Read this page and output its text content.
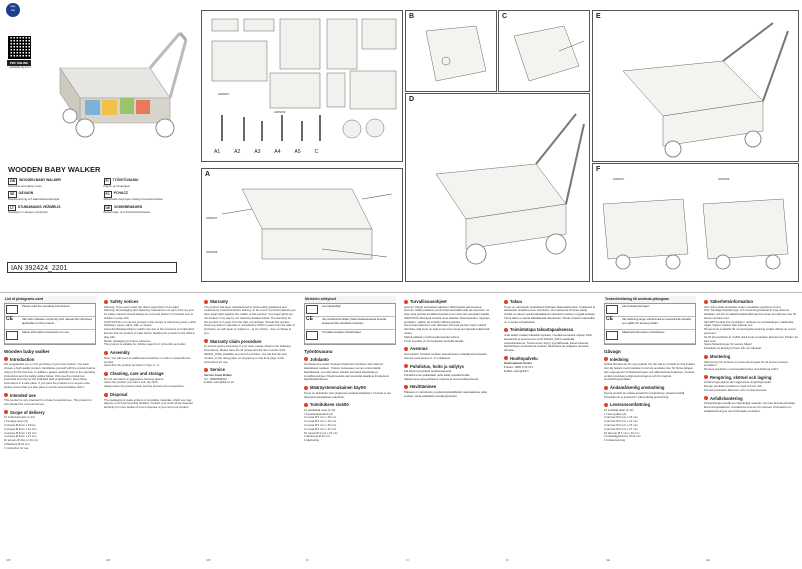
play
tive
PDF ONLINE
parkside-diy.com
WOODEN BABY WALKER
GB	WOODEN BABY WALKER
Operation and safety notes
FI	TYÖNTÖVAUNU
Käyttö- ja turvaohjeet
SE	GÅVAGN
Bruksanvisning och säkerhetsanvisningar
PL	PCHACZ
Wskazówki dotyczące obsługi i bezpieczeństwa
LT	STUMIAMASIS VEŽIMĖLIS
Naudojimo ir saugos nurodymai
DE	SCHIEBEWAGEN
Bedienungs- und Sicherheitshinweise
IAN 392424_2201
H005467
H005469
A1	A2	A3	A4	A5	C
A
H005467
H005469
B	C
D
E
F
H005467	H005469
List of pictograms used
Please read the operating instructions!
CE	CE mark indicates conformity with relevant EU directives applicable for this product.
Safety information Instructions for use
Wooden baby walker
Introduction
We congratulate you on the purchase of your new product. You have chosen a high quality product. Familiarise yourself with the product before using it for the first time. In addition, please carefully refer to the operating instructions and the safety advice below. Only use the product as instructed and only for the indicated field of application. Keep these instructions in a safe place. If you pass the product on to anyone else, please ensure that you also pass on all the documentation with it.
Intended use
This product is only intended for private household use. This product is not intended for commercial use.
Scope of delivery
12 individual parts (1-12)
7 hexagon keys (A)
3 screws Ø 6mm x 15mm
4 screws Ø 6mm x 12 mm
4 screws Ø 6mm x 15 mm
4 screws Ø 6mm x 27 mm
10 screws Ø 4mm x 24 mm
4 Washers Ø 22 mm
1 Instruction for use
GB
Safety notices
Warning: To be used under the direct supervision of an adult.
Warning: All packaging and fastening material are not part of the toy and for safety reasons should always be removed before it is handed over to children to play with.
CAUTION! Do not use the product in the vicinity of swimming pools, public highways, steps, stairs, hills, or slopes.
Assembly/Disassembly by adults only due to the presence of small parts!
Ensure that the product is intact before handing the product to the child to play with.
Retain packaging for future reference.
The product is suitable for children aged from 12months and older.
Assembly
Note: You will need an additional screwdriver in order to assemble the product.
Assemble the product as shown in figs. A - F.
Cleaning, care and storage
Do not use harsh or aggressive cleaning agents.
Clean the product only with a soft, dry cloth.
Always store the product clean and dry and at room temperature.
Disposal
The packaging is made entirely of recyclable materials, which you may dispose of at local recycling facilities. Contact your local refuse disposal authority for more details of how to dispose of your worn-out product.
GB
Warranty
The product has been manufactured to strict quality guidelines and meticulously examined before delivery. In the event of product defects you have legal rights against the retailer of this product. Your legal rights are not limited in any way by our warranty detailed below. The warranty for this product is 3 years from the date of purchase. Should this product show any fault in materials or manufacture within 3 years from the date of purchase, we will repair or replace it – at our choice – free of charge to you.
Warranty claim procedure
To ensure quick processing of your case, please observe the following instructions: Please have the till receipt and the item number (IAN 392424_2201) available as proof of purchase. You will find the item number on the rating plate, an engraving on the front page of the instructions for use.
Service
Service Great Britain
Tel.: 08000569216
E-Mail: owim@lidl.co.uk
GB
Merkkien selitykset
Lue käyttöohje!
CE	CE-merkintä ilmoittaa yhdenmukaisuudesta tuotetta koskevien EU-direktiivien kanssa.
Turvallisuusohjeet Käyttöohjeet
Työntövaunu
Johdanto
Onnittelemme uuden tuotteen hankinnan johdosta. Olet valinnut laadukkaan tuotteen. Tutustu tuotteeseen ennen ensimmäistä käyttökertaa. Lue sitä varten tarkasti seuraava käyttöohje ja turvallisuusohjeet. Käytä tuotetta vain kuvatulla tavalla ja ilmoitettuun käyttötarkoitukseen.
Määräystenmukainen käyttö
Tuote on tarkoitettu vain yksityiseen kotitalouskäyttöön. Tuotetta ei ole tarkoitettu kaupalliseen käyttöön.
Toimituksen sisältö
12 yksittäistä osaa (1-12)
7 kuusiokoloavainta (A)
3 ruuvia Ø 6 mm x 15 mm
4 ruuvia Ø 6 mm x 12 mm
4 ruuvia Ø 6 mm x 15 mm
4 ruuvia Ø 6 mm x 27 mm
10 ruuvia Ø 4 mm x 24 mm
4 aluslevyä Ø 22 mm
1 käyttöohje
FI
Turvallisuusohjeet
Huomio: Käyttö ainoastaan aikuisen välittömässä valvonnassa.
Huomio: Kaikki pakkaus- ja kiinnitysmateriaalit eivät ole osa lelua, ne tulee aina poistaa turvallisuussyistä ennen kuin lelu annetaan lapsille.
VAROITUS! Älä käytä tuotetta uima-altaiden, liikenneteiden, rappujen, portaiden, mäkien tai rinteiden läheisyydessä.
Asennus/purkaminen vain aikuisten toimesta pienten osien vuoksi!
Varmista, että tuote on ehjä ennen kuin annat sen lapselle leikkimistä varten.
Säilytä pakkaus myöhempää tarvetta varten!
Tuote soveltuu yli 12 kuukautta vanhoille lapsille.
Asennus
Huomautus: Tarvitset tuotteen asentamiseen ristipääruuvimeisselin.
Asenna tuote kuvien A - F mukaisesti.
Puhdistus, hoito ja säilytys
Älä käytä syövyttäviä puhdistusaineita.
Puhdista tuote pelkästään pehmeällä, kuivalla liinalla.
Säilytä tuote aina puhtaana, kuivana ja huoneenlämpöisenä.
Hävittäminen
Pakkaus on valmistettu ympäristöystävällisistä materiaaleista, jotka voidaan viedä paikallisiin kierrätyspisteisiin.
FI
Takuu
Tuote on valmistettu huolellisesti tiukkojen laatuvaatimusten mukaisesti ja tarkastettu huolella ennen toimitusta. Jos tuotteessa ilmenee vikoja, sinulla on oikeus vedota lakisääteisiin oikeuksiin tuotteen myyjää kohtaan. Tämä takuu ei rajoita lakisääteisiä oikeuksiasi. Tämän tuotteen takuuaika on 3 vuotta ostopäivästä.
Toimintatapa takuutapauksessa
Jotta asiasi voidaan käsitellä nopeasti, noudata seuraavia ohjeita: Pidä kassakuitti ja tuotenumero (IAN 392424_2201) saatavilla ostotodistuksena. Tuotenumero löytyy tyyppikilvestä, kaiverruksesta, käyttöohjeen etusivulta tai tuotteen takaosasta tai pohjassa olevasta tarrasta.
Huoltopalvelu
Huoltopalvelu Suomi
Puhelin: 0800 9 15 374
E-Mail: owim@lidl.fi
FI
Teckenförklaring till använda piktogram
Läs bruksanvisningen!
CE	CE-märkning anger efterlevnad av relevanta EU-direktiv som gäller för denna produkt.
Säkerhetsinformation Instruktioner
Gåvagn
Inledning
Grattis till köpet av din nya produkt. Du har valt en produkt av hög kvalitet. Gör dig bekant med produkten innan du använder den för första gången. Läs noga igenom bruksanvisningen och säkerhetsinformationen. Använd endast produkten enligt anvisningarna och för angivna användningsområden.
Ändamålsenlig användning
Denna produkt är endast avsedd för användning i privata hushåll. Produkten är ej avsedd för yrkesmässig användning.
Leveransomfattning
12 enskilda delar (1-12)
7 insexnycklar (A)
3 skruvar Ø 6 mm x 15 mm
4 skruvar Ø 6 mm x 12 mm
4 skruvar Ø 6 mm x 15 mm
4 skruvar Ø 6 mm x 27 mm
10 skruvar Ø 4 mm x 24 mm
4 underläggsbrickor Ø 22 mm
1 bruksanvisning
SE
Säkerhetsinformation
Obs: Får endast användas under omedelbar uppsikt av vuxna.
Obs: Samtliga förpacknings- och monteringsmaterial är inga delar av leksaken och bör av säkerhetsskäl alltid tas bort innan den lämnas över till barnen att leka med.
SE UPP! Använd inte produkten i närheten av simbassänger, trafikerade vägar, trappor, backar eller lutande ytor.
På grund av smådelar får montering/demontering endast utföras av vuxna personer!
Se till att produkten är i felfritt skick innan produkten lämnas över till barn att leka med.
Spara förpackningen för senare frågor!
Produkten är lämplig för barn från 12 månader.
Montering
Hänvisning: Du behöver en extra skruvmejsel för att kunna montera produkten.
Montera produkten i överensstämmelse med bilderna A till F.
Rengöring, skötsel och lagring
Använd inga skarpa eller aggressiva rengöringsmedel.
Rengör produkten endast en mjuk och torr duk.
Förvara produkten alltid torrt och i rumstemperatur.
Avfallshantering
Förpackningen består av miljövänliga material, som kan lämnas på lokala återvinningsstationer. Kontakta kommunen för närmare information om avfallshantering av den förbrukade produkten.
SE
